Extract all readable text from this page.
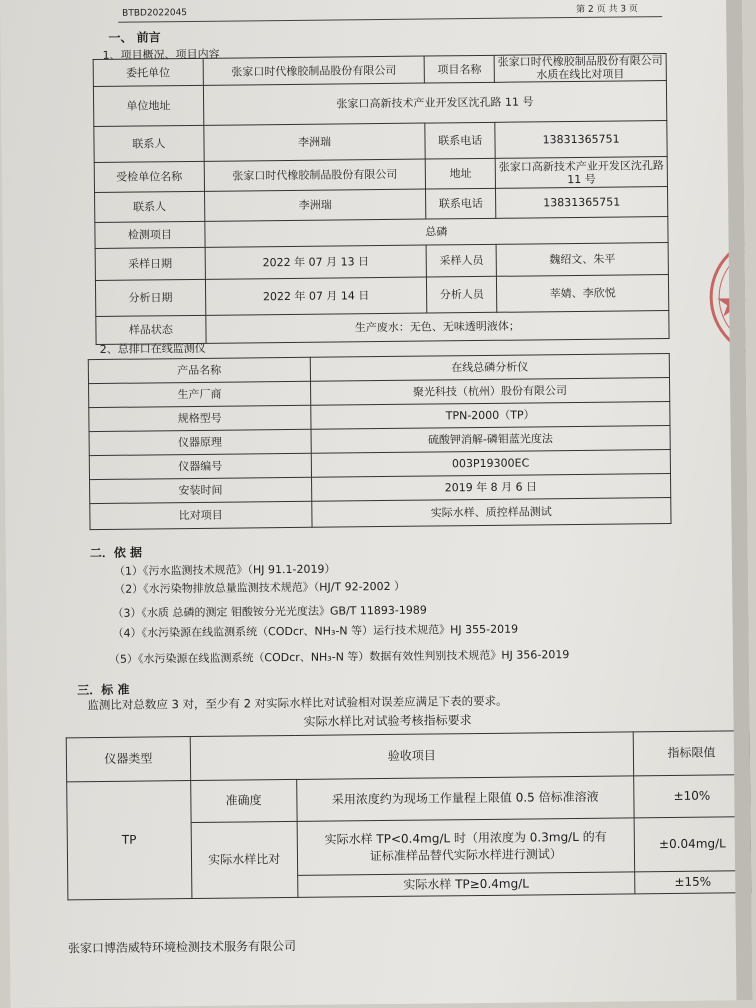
BTBD2022045	第 2 页 共 3 页
一、 前言
1、项目概况、项目内容
委托单位	张家口时代橡胶制品股份有限公司	项目名称	张家口时代橡胶制品股份有限公司水质在线比对项目
单位地址	张家口高新技术产业开发区沈孔路 11 号		
联系人	李洲瑞	联系电话	13831365751
受检单位名称	张家口时代橡胶制品股份有限公司	地址	张家口高新技术产业开发区沈孔路 11 号
联系人	李洲瑞	联系电话	13831365751
检测项目	总磷		
采样日期	2022 年 07 月 13 日	采样人员	魏绍文、朱平
分析日期	2022 年 07 月 14 日	分析人员	莘婧、李欣悦
样品状态	生产废水：无色、无味透明液体；		
2、总排口在线监测仪
产品名称	在线总磷分析仪
生产厂商	聚光科技（杭州）股份有限公司
规格型号	TPN-2000（TP）
仪器原理	硫酸钾消解-磷钼蓝光度法
仪器编号	003P19300EC
安装时间	2019 年 8 月 6 日
比对项目	实际水样、质控样品测试
二．依 据
（1）《污水监测技术规范》（HJ 91.1-2019）
（2）《水污染物排放总量监测技术规范》（HJ/T 92-2002 ）
（3）《水质 总磷的测定 钼酸铵分光光度法》GB/T 11893-1989
（4）《水污染源在线监测系统（CODcr、NH₃-N 等）运行技术规范》HJ 355-2019
（5）《水污染源在线监测系统（CODcr、NH₃-N 等）数据有效性判别技术规范》HJ 356-2019
三．标 准
监测比对总数应 3 对，至少有 2 对实际水样比对试验相对误差应满足下表的要求。
实际水样比对试验考核指标要求
仪器类型	验收项目		指标限值
TP	准确度	采用浓度约为现场工作量程上限值 0.5 倍标准溶液	±10%
	实际水样比对	实际水样 TP<0.4mg/L 时（用浓度为 0.3mg/L 的有
证标准样品替代实际水样进行测试）	±0.04mg/L
		实际水样 TP≥0.4mg/L	±15%
张家口博浩威特环境检测技术服务有限公司
